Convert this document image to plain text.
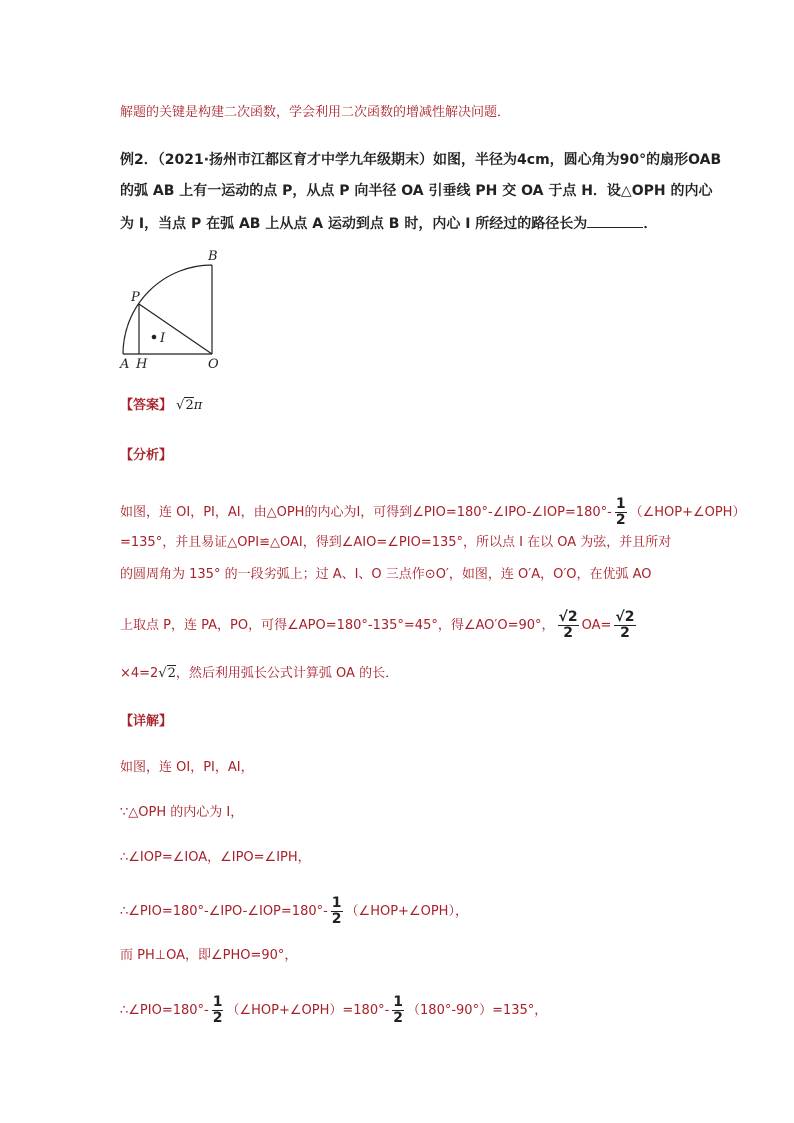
解题的关键是构建二次函数，学会利用二次函数的增减性解决问题．
例2．（2021·扬州市江都区育才中学九年级期末）如图，半径为4cm，圆心角为90°的扇形OAB
的弧 AB 上有一运动的点 P，从点 P 向半径 OA 引垂线 PH 交 OA 于点 H．设△OPH 的内心
为 I，当点 P 在弧 AB 上从点 A 运动到点 B 时，内心 I 所经过的路径长为	．
B
P
I
A H	O
【答案】 √2π
【分析】
如图，连 OI，PI，AI，由△OPH的内心为I，可得到∠PIO=180°-∠IPO-∠IOP=180°- $\frac{1}{2}$ （∠HOP+∠OPH）
=135°，并且易证△OPI≌△OAI，得到∠AIO=∠PIO=135°，所以点 I 在以 OA 为弦，并且所对
的圆周角为 135° 的一段劣弧上；过 A、I、O 三点作⊙O′，如图，连 O′A，O′O，在优弧 AO
上取点 P，连 PA，PO，可得∠APO=180°-135°=45°，得∠AO′O=90°， $\frac{√2}{2} OA= \frac{√2}{2}$
×4=2√2，然后利用弧长公式计算弧 OA 的长．
【详解】
如图，连 OI，PI，AI，
∵△OPH 的内心为 I，
∴∠IOP=∠IOA，∠IPO=∠IPH，
∴∠PIO=180°-∠IPO-∠IOP=180°- $\frac{1}{2}$ （∠HOP+∠OPH），
而 PH⊥OA，即∠PHO=90°，
∴∠PIO=180°- $\frac{1}{2}$ （∠HOP+∠OPH）=180°- $\frac{1}{2} (180^\circ-90^\circ)=135^\circ$，
